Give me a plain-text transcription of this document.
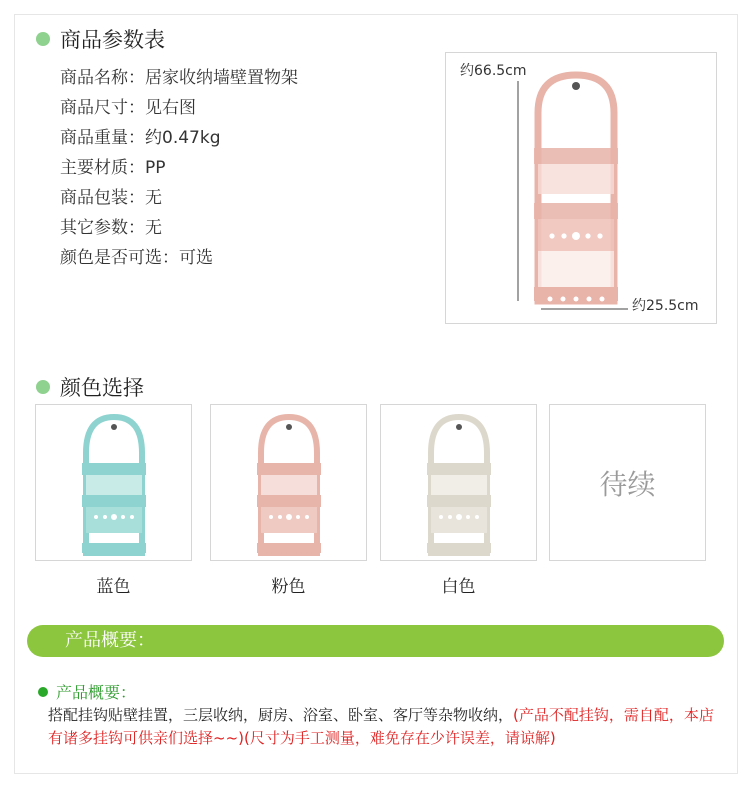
商品参数表
商品名称：居家收纳墙壁置物架
商品尺寸：见右图
商品重量：约0.47kg
主要材质：PP
商品包装：无
其它参数：无
颜色是否可选：可选
约66.5cm
约25.5cm
颜色选择
蓝色	粉色	白色
待续
产品概要：
产品概要：
搭配挂钩贴壁挂置，三层收纳，厨房、浴室、卧室、客厅等杂物收纳，(产品不配挂钩，需自配，本店有诸多挂钩可供亲们选择~~)(尺寸为手工测量，难免存在少许误差，请谅解)
